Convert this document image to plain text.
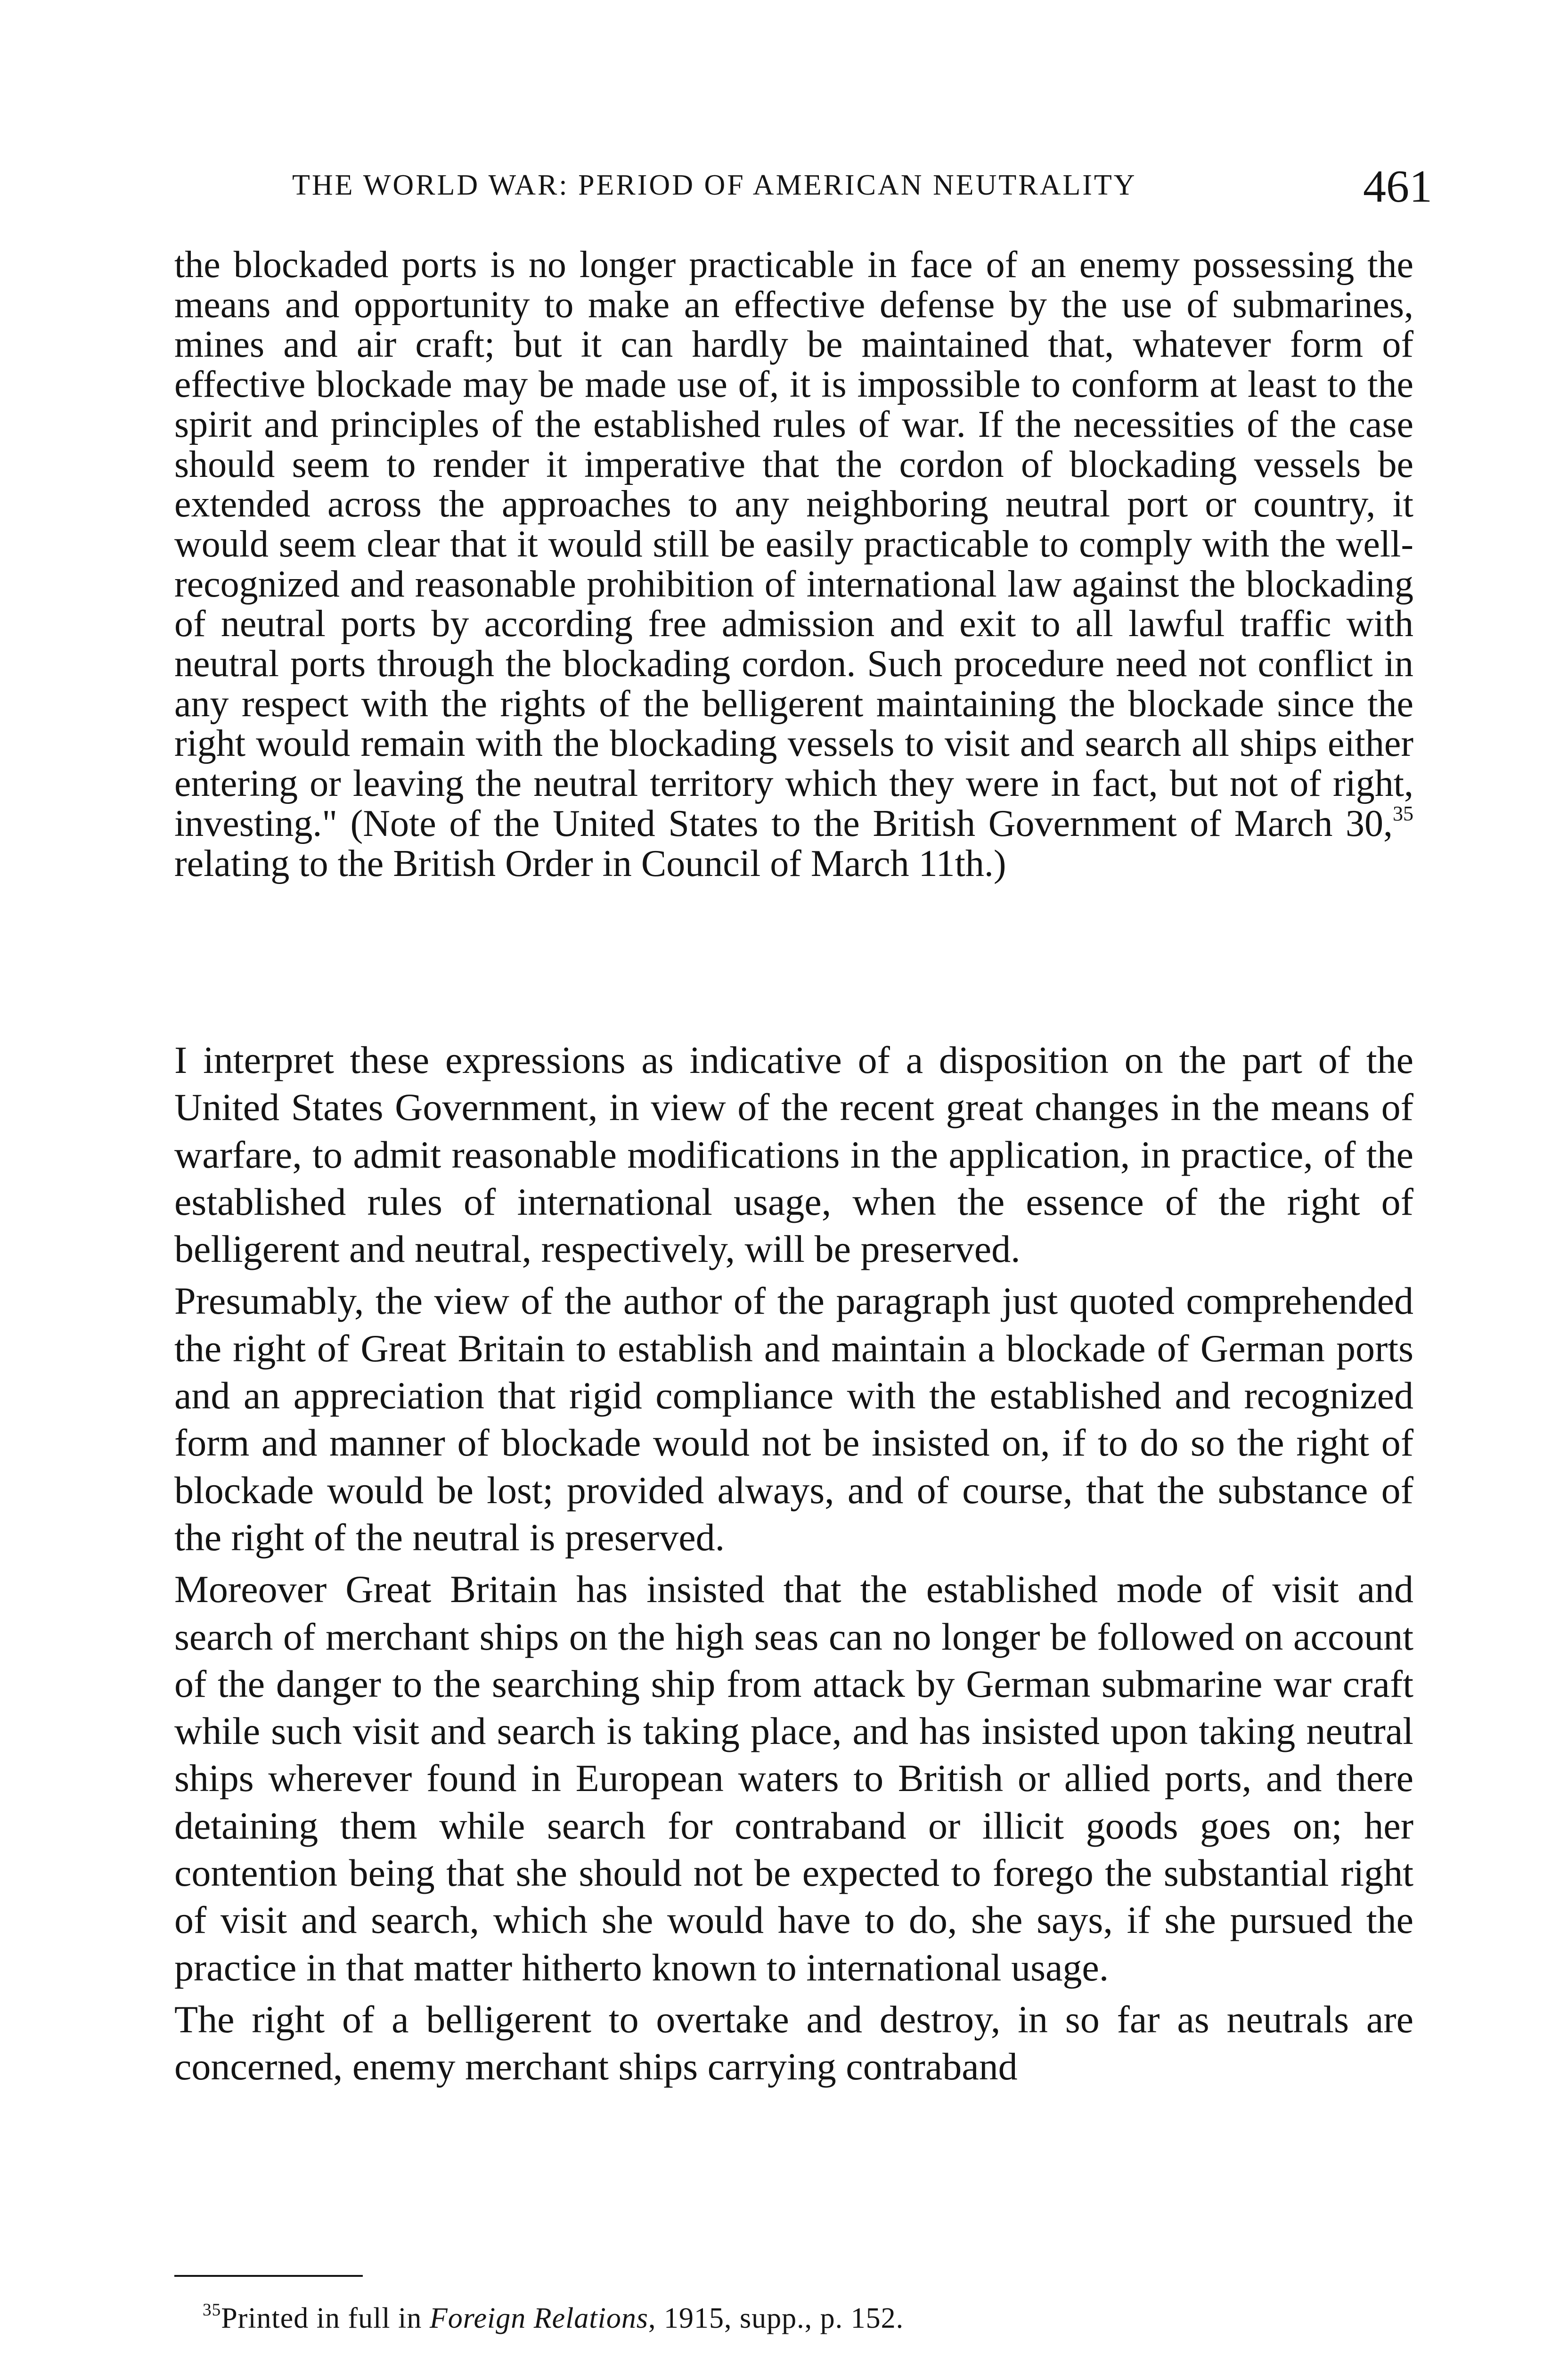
THE WORLD WAR: PERIOD OF AMERICAN NEUTRALITY	461

the blockaded ports is no longer practicable in face of an enemy possessing the means and opportunity to make an effective defense by the use of submarines, mines and air craft; but it can hardly be maintained that, whatever form of effective blockade may be made use of, it is impossible to conform at least to the spirit and principles of the established rules of war. If the necessities of the case should seem to render it imperative that the cordon of blockading vessels be extended across the approaches to any neighboring neutral port or country, it would seem clear that it would still be easily practicable to comply with the well-recognized and reasonable prohibition of international law against the blockading of neutral ports by according free admission and exit to all lawful traffic with neutral ports through the blockading cordon. Such procedure need not conflict in any respect with the rights of the belligerent maintaining the blockade since the right would remain with the blockading vessels to visit and search all ships either entering or leaving the neutral territory which they were in fact, but not of right, investing." (Note of the United States to the British Government of March 30,35 relating to the British Order in Council of March 11th.)

I interpret these expressions as indicative of a disposition on the part of the United States Government, in view of the recent great changes in the means of warfare, to admit reasonable modifications in the application, in practice, of the established rules of international usage, when the essence of the right of belligerent and neutral, respectively, will be preserved.

Presumably, the view of the author of the paragraph just quoted comprehended the right of Great Britain to establish and maintain a blockade of German ports and an appreciation that rigid compliance with the established and recognized form and manner of blockade would not be insisted on, if to do so the right of blockade would be lost; provided always, and of course, that the substance of the right of the neutral is preserved.

Moreover Great Britain has insisted that the established mode of visit and search of merchant ships on the high seas can no longer be followed on account of the danger to the searching ship from attack by German submarine war craft while such visit and search is taking place, and has insisted upon taking neutral ships wherever found in European waters to British or allied ports, and there detaining them while search for contraband or illicit goods goes on; her contention being that she should not be expected to forego the substantial right of visit and search, which she would have to do, she says, if she pursued the practice in that matter hitherto known to international usage.

The right of a belligerent to overtake and destroy, in so far as neutrals are concerned, enemy merchant ships carrying contraband

$^{35}$Printed in full in Foreign Relations, 1915, supp., p. 152.
